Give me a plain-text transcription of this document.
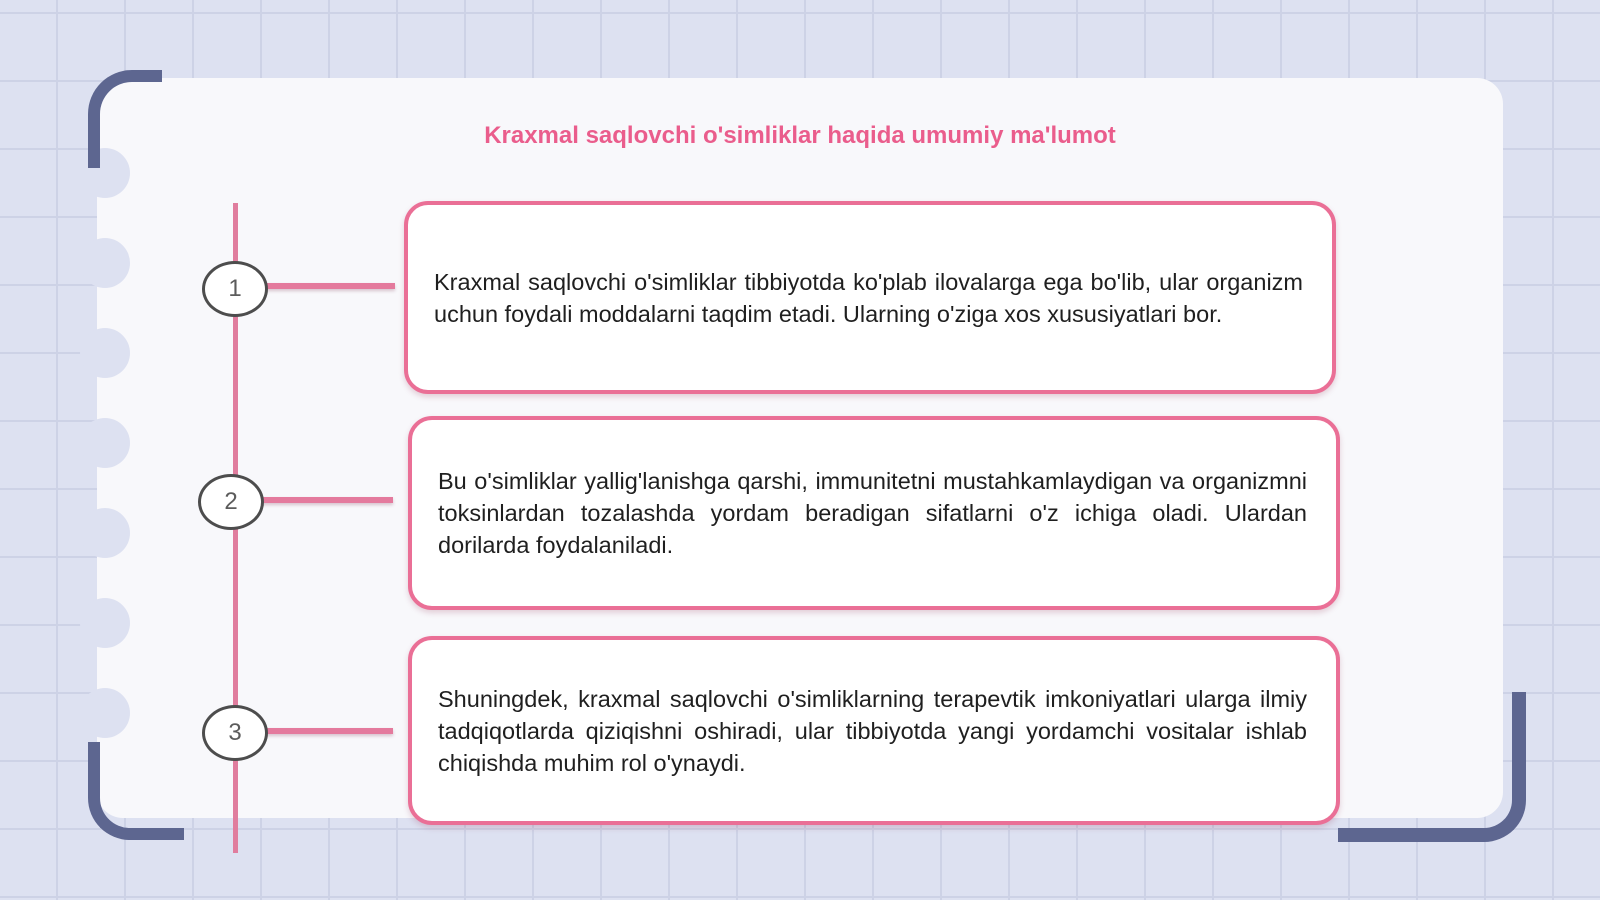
Kraxmal saqlovchi o'simliklar haqida umumiy ma'lumot
1	Kraxmal saqlovchi o'simliklar tibbiyotda ko'plab ilovalarga ega bo'lib, ular organizm uchun foydali moddalarni taqdim etadi. Ularning o'ziga xos xususiyatlari bor.

2

Bu o'simliklar yallig'lanishga qarshi, immunitetni mustahkamlaydigan va organizmni toksinlardan tozalashda yordam beradigan sifatlarni o'z ichiga oladi. Ulardan dorilarda foydalaniladi.

3

Shuningdek, kraxmal saqlovchi o'simliklarning terapevtik imkoniyatlari ularga ilmiy tadqiqotlarda qiziqishni oshiradi, ular tibbiyotda yangi yordamchi vositalar ishlab chiqishda muhim rol o'ynaydi.
